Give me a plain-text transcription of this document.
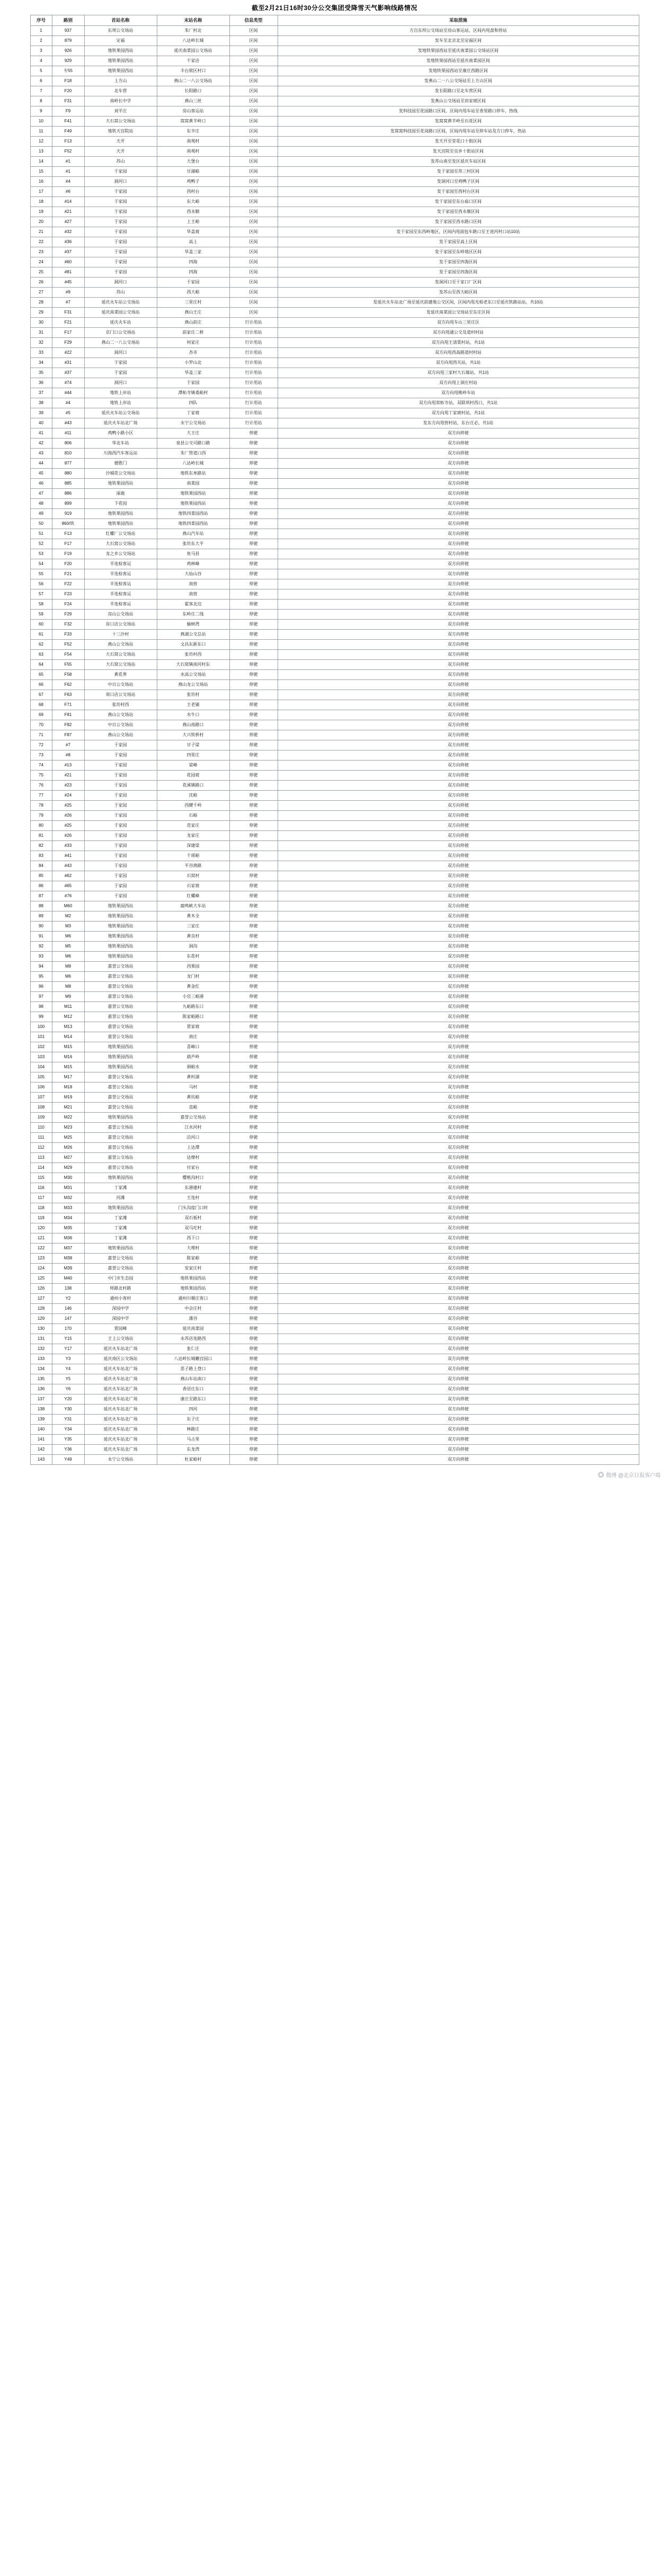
截至2月21日16时30分公交集团受降雪天气影响线路情况
序号	路别	首站名称	末站名称	信息类型	采取措施
1	937	东坝公交场站	朱厂村北	区间	方自东坝公交场站至房山客运站，区间内甩盘和停站
2	879	定福	八达岭长城	区间	发车至北京北至定福区间
3	926	地铁果园西站	延庆南菜园公交场站	区间	发地铁果园西站至延庆南菜园公交场站区间
4	929	地铁果园西站	千家店	区间	发地铁果园西站至延庆南菜园区间
5	专55	地铁果园西站	丰台街区村口	区间	发地铁果园西站至康庄西路区间
6	F18	上方山	燕山二一八公交场站	区间	发燕山二一八公交场站至上方山区间
7	F20	北车营	长阳路口	区间	发长阳路口至北车营区间
8	F31	南岭长中学	燕山三丝	区间	发燕山公交场站至田家坡区间
9	F9	刘平庄	房山客运站	区间	发科技园至花园路口区间，区间内甩车站至香里路口停车，热线
10	F41	大石窝公交场站	窝窝黄羊岭口	区间	发窝窝黄羊岭至石花区间
11	F49	地铁天宫院站	东辛庄	区间	发窝窝科技园至花岗路口区间，区间内甩车站至停车站及方口停车，热站
12	F13	天开	南观村	区间	发天开至堂花口十街区间
13	F52	天开	南观村	区间	发天宫院至良乡十街站区间
14	#1	苏山	大堡台	区间	发苏山南至发区延庆车站区间
15	#1	于家园	甘湖峪	区间	发于家园至苏三村区间
16	#4	洞河口	鸡鸭子	区间	发洞河口至鸡鸭子区间
17	#6	于家园	西村台	区间	发于家园至西村台区间
18	#14	于家园	东大峪	区间	发于家园至东台庙口区间
19	#21	于家园	西永顺	区间	发于家园至西永顺区间
20	#27	于家园	上王峪	区间	发于家园至西永路口区间
21	#32	于家园	华盖坡	区间	发于家园至东西岭地区，区间内甩面包车路口至王进河村口站10站
22	#36	于家园	高上	区间	发于家园至高上区间
23	#37	于家园	华盖三家	区间	发于家园至东岭地区区间
24	#60	于家园	四海	区间	发于家园至四海区间
25	#81	于家园	四海	区间	发于家园至四海区间
26	#45	洞河口	于家园	区间	发洞河口至于家口厂区间
27	#9	苏山	西大峪	区间	发苏山至西大峪区间
28	#7	延庆火车站公交场站	三里庄村	区间	发延庆火车站北广场至延庆前建地公交区间，区间内甩光柏老东口至延庆铁路站站，共10站
29	F31	延庆南菜园公交场站	燕山王庄	区间	发延庆南菜园公交场站至东庄区间
30	F21	延庆火车站	燕山前庄	行计用站	双方向甩车山三里庄区
31	F17	京门口公交场站	前家庄二桥	行计用站	双方向甩通公交及道村村站
32	F29	燕山二一八公交场站	何家庄	行计用站	双方向甩王清渠村站，共1站
33	#22	洞河口	杏市	行计用站	双方向甩西高路道村村站
34	#31	于家园	小罗山北	行计用站	双方向甩西关站，共1站
35	#37	于家园	华盖三家	行计用站	双方向甩三家村大石墙站，共1站
36	#74	洞河口	于家园	行计用站	双方向甩上洞庄村站
37	#44	地铁上岸站	潭柘寺镇桑峪村	行计用站	双方向甩桃岭车站
38	#4	地铁上岸站	四队	行计用站	双方向甩郊柘寺站，双联项村西口，共1站
39	#5	延庆火车站公交场站	丁家坡	行计用站	双方向甩丁家坡村站，共1站
40	#43	延庆火车站北广场	永宁公交场站	行计用站	发东方向甩窖村站，东台庄必，共1站
41	#11	鸡鸭小路小区	大王庄	停驶	双方向停驶
42	806	华北车站	泉县公交司路口路	停驶	双方向停驶
43	810	川海西汽车客运站	朱厂管道口西	停驶	双方向停驶
44	877	德胜门	八达岭长城	停驶	双方向停驶
45	880	沙城花公交场站	地铁东单路站	停驶	双方向停驶
46	885	地铁果园西站	南菜园	停驶	双方向停驶
47	886	涿鹿	地铁果园西站	停驶	双方向停驶
48	899	下花园	地铁果园西站	停驶	双方向停驶
49	919	地铁果园西站	地铁四菜园西站	停驶	双方向停驶
50	860/铁	地铁果园西站	地铁四菜园西站	停驶	双方向停驶
51	F13	红螺厂公交场站	燕山汽车站	停驶	双方向停驶
52	F17	大石窝公交场站	张坊东大平	停驶	双方向停驶
53	F19	龙之乡公交场站	鱼马县	停驶	双方向停驶
54	F20	半连检客运	鸡林峰	停驶	双方向停驶
55	F21	半连检客运	大仙山谷	停驶	双方向停驶
56	F22	半连检客运	南窖	停驶	双方向停驶
57	F23	半连检客运	南窖	停驶	双方向停驶
58	F24	半连检客运	霍客北边	停驶	双方向停驶
59	F29	房山公交场站	东岭庄二线	停驶	双方向停驶
60	F32	房口店公交场站	榆树湾	停驶	双方向停驶
61	F33	十三沙村	燕湖公交总站	停驶	双方向停驶
62	F52	燕山公交场站	文昌东新东口	停驶	双方向停驶
63	F54	大石窝公交场站	张坊村西	停驶	双方向停驶
64	F55	大石窝公交场站	大石窝镇南河村东	停驶	双方向停驶
65	F58	黄花界	水高公交场站	停驶	双方向停驶
66	F62	中日公交场站	燕山龙公交场站	停驶	双方向停驶
67	F63	周口店公交场站	张坊村	停驶	双方向停驶
68	F71	张坊村西	王老铺	停驶	双方向停驶
69	F81	燕山公交场站	水牛口	停驶	双方向停驶
70	F82	中日公交场站	燕山南路口	停驶	双方向停驶
71	F87	燕山公交场站	大兴铁桥村	停驶	双方向停驶
72	#7	于家园	甘子梁	停驶	双方向停驶
73	#8	于家园	四里庄	停驶	双方向停驶
74	#13	于家园	梁峰	停驶	双方向停驶
75	#21	于家园	花园坡	停驶	双方向停驶
76	#23	于家园	花溪镇路口	停驶	双方向停驶
77	#24	于家园	沈峪	停驶	双方向停驶
78	#25	于家园	西腰千岭	停驶	双方向停驶
79	#26	于家园	石峪	停驶	双方向停驶
80	#25	于家园	范家庄	停驶	双方向停驶
81	#26	于家园	龙家庄	停驶	双方向停驶
82	#33	于家园	深建梁	停驶	双方向停驶
83	#41	于家园	千瑶峪	停驶	双方向停驶
84	#43	于家园	平谷渔路	停驶	双方向停驶
85	#62	于家园	石窝村	停驶	双方向停驶
86	#65	于家园	石家坡	停驶	双方向停驶
87	#76	于家园	红螺峰	停驶	双方向停驶
88	M60	地铁果园西站	鹿鸣峡大车站	停驶	双方向停驶
89	M2	地铁果园西站	黄木全	停驶	双方向停驶
90	M3	地铁果园西站	三家庄	停驶	双方向停驶
91	M6	地铁果园西站	黄良村	停驶	双方向停驶
92	M5	地铁果园西站	洞沟	停驶	双方向停驶
93	M6	地铁果园西站	东花村	停驶	双方向停驶
94	M8	嘉誉公交场站	西果园	停驶	双方向停驶
95	M6	嘉誉公交场站	龙门村	停驶	双方向停驶
96	M8	嘉誉公交场站	黄金红	停驶	双方向停驶
97	M9	嘉誉公交场站	小宫三峪港	停驶	双方向停驶
98	M11	嘉誉公交场站	九峪路东口	停驶	双方向停驶
99	M12	嘉誉公交场站	陈家峪路口	停驶	双方向停驶
100	M13	嘉誉公交场站	贾家坡	停驶	双方向停驶
101	M14	嘉誉公交场站	南庄	停驶	双方向停驶
102	M15	地铁果园西站	喜峰口	停驶	双方向停驶
103	M16	地铁果园西站	葫芦岭	停驶	双方向停驶
104	M15	地铁果园西站	涧峪水	停驶	双方向停驶
105	M17	嘉誉公交场站	黄村湖	停驶	双方向停驶
106	M18	嘉誉公交场站	马村	停驶	双方向停驶
107	M19	嘉誉公交场站	黄坑峪	停驶	双方向停驶
108	M21	嘉誉公交场站	直峪	停驶	双方向停驶
109	M22	地铁果园西站	嘉誉公交场站	停驶	双方向停驶
110	M23	嘉誉公交场站	江水河村	停驶	双方向停驶
111	M25	嘉誉公交场站	沿河口	停驶	双方向停驶
112	M26	嘉誉公交场站	上达潭	停驶	双方向停驶
113	M27	嘉誉公交场站	达摩村	停驶	双方向停驶
114	M29	嘉誉公交场站	付家台	停驶	双方向停驶
115	M30	地铁果园西站	樱桃沟村口	停驶	双方向停驶
116	M31	丁家滩	东港建村	停驶	双方向停驶
117	M32	河滩	王连村	停驶	双方向停驶
118	M33	地铁果园西站	门头沟度门口时	停驶	双方向停驶
119	M34	丁家滩	双石板村	停驶	双方向停驶
120	M35	丁家滩	双马坨村	停驶	双方向停驶
121	M36	丁家滩	西下口	停驶	双方向停驶
122	M37	地铁果园西站	大理村	停驶	双方向停驶
123	M38	嘉誉公交场站	陈家峪	停驶	双方向停驶
124	M39	嘉誉公交场站	安家庄村	停驶	双方向停驶
125	M40	中门市生态园	地铁果园西站	停驶	双方向停驶
126	138	师路北村路	地铁果园西站	停驶	双方向停驶
127	Y2	通州小客村	通州川堰庄客口	停驶	双方向停驶
128	146	深园中学	中会庄村	停驶	双方向停驶
129	147	深园中学	蒲谷	停驶	双方向停驶
130	170	贾园峰	延庆南菜园	停驶	双方向停驶
131	Y15	王上公交场站	永苏店连路西	停驶	双方向停驶
132	Y17	延庆火车站北广场	张仁庄	停驶	双方向停驶
133	Y3	延庆南区公交场站	八达岭长城蟾宫园口	停驶	双方向停驶
134	Y4	延庆火车站北广场	思子路上登口	停驶	双方向停驶
135	Y5	延庆火车站北广场	燕山车站南口	停驶	双方向停驶
136	Y6	延庆火车站北广场	香居庄东口	停驶	双方向停驶
137	Y20	延庆火车站北广场	康庄至路东口	停驶	双方向停驶
138	Y30	延庆火车站北广场	四河	停驶	双方向停驶
139	Y31	延庆火车站北广场	东子庄	停驶	双方向停驶
140	Y34	延庆火车站北广场	林路庄	停驶	双方向停驶
141	Y35	延庆火车站北广场	马占里	停驶	双方向停驶
142	Y36	延庆火车站北广场	东龙湾	停驶	双方向停驶
143	Y49	永宁公交场站	杜家峪村	停驶	双方向停驶
微博 @北京日报客户端
